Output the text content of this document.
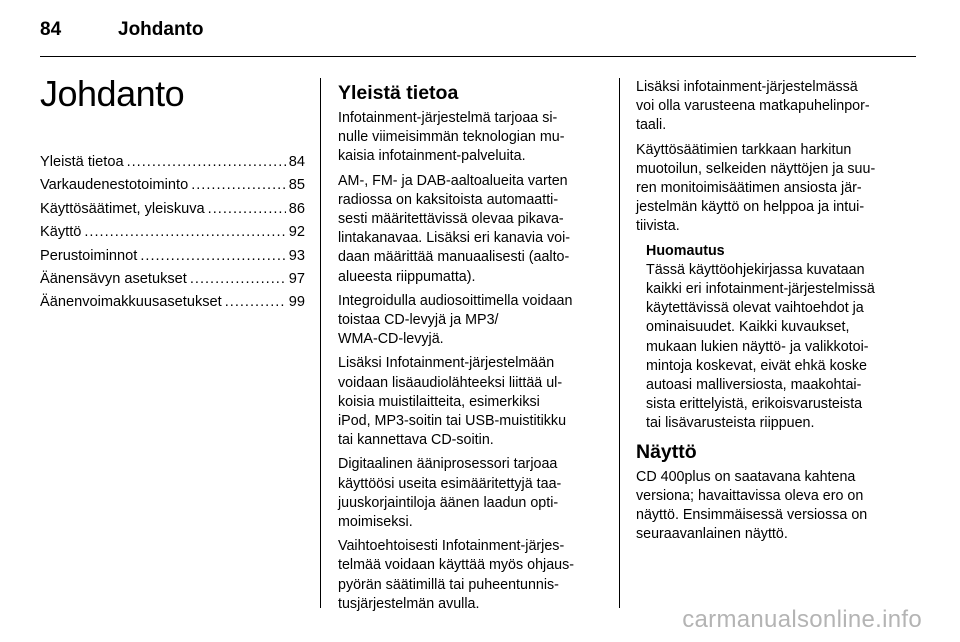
84	Johdanto
Johdanto
Yleistä tietoa .....	84
Varkaudenestotoiminto .....	85
Käyttösäätimet, yleiskuva .....	86
Käyttö .....	92
Perustoiminnot .....	93
Äänensävyn asetukset .....	97
Äänenvoimakkuusasetukset .....	99
Yleistä tietoa

Infotainment-järjestelmä tarjoaa si-
nulle viimeisimmän teknologian mu-
kaisia infotainment-palveluita.

AM-, FM- ja DAB-aaltoalueita varten
radiossa on kaksitoista automaatti-
sesti määritettävissä olevaa pikava-
lintakanavaa. Lisäksi eri kanavia voi-
daan määrittää manuaalisesti (aalto-
alueesta riippumatta).

Integroidulla audiosoittimella voidaan
toistaa CD-levyjä ja MP3/
WMA-CD-levyjä.

Lisäksi Infotainment-järjestelmään
voidaan lisäaudiolähteeksi liittää ul-
koisia muistilaitteita, esimerkiksi
iPod, MP3-soitin tai USB-muistitikku
tai kannettava CD-soitin.

Digitaalinen ääniprosessori tarjoaa
käyttöösi useita esimääritettyjä taa-
juuskorjaintiloja äänen laadun opti-
moimiseksi.

Vaihtoehtoisesti Infotainment-järjes-
telmää voidaan käyttää myös ohjaus-
pyörän säätimillä tai puheentunnis-
tusjärjestelmän avulla.

Lisäksi infotainment-järjestelmässä
voi olla varusteena matkapuhelinpor-
taali.

Käyttösäätimien tarkkaan harkitun
muotoilun, selkeiden näyttöjen ja suu-
ren monitoimisäätimen ansiosta jär-
jestelmän käyttö on helppoa ja intui-
tiivista.

Huomautus
Tässä käyttöohjekirjassa kuvataan
kaikki eri infotainment-järjestelmissä
käytettävissä olevat vaihtoehdot ja
ominaisuudet. Kaikki kuvaukset,
mukaan lukien näyttö- ja valikkotoi-
mintoja koskevat, eivät ehkä koske
autoasi malliversiosta, maakohtai-
sista erittelyistä, erikoisvarusteista
tai lisävarusteista riippuen.
Näyttö

CD 400plus on saatavana kahtena
versiona; havaittavissa oleva ero on
näyttö. Ensimmäisessä versiossa on
seuraavanlainen näyttö.

carmanualsonline.info
